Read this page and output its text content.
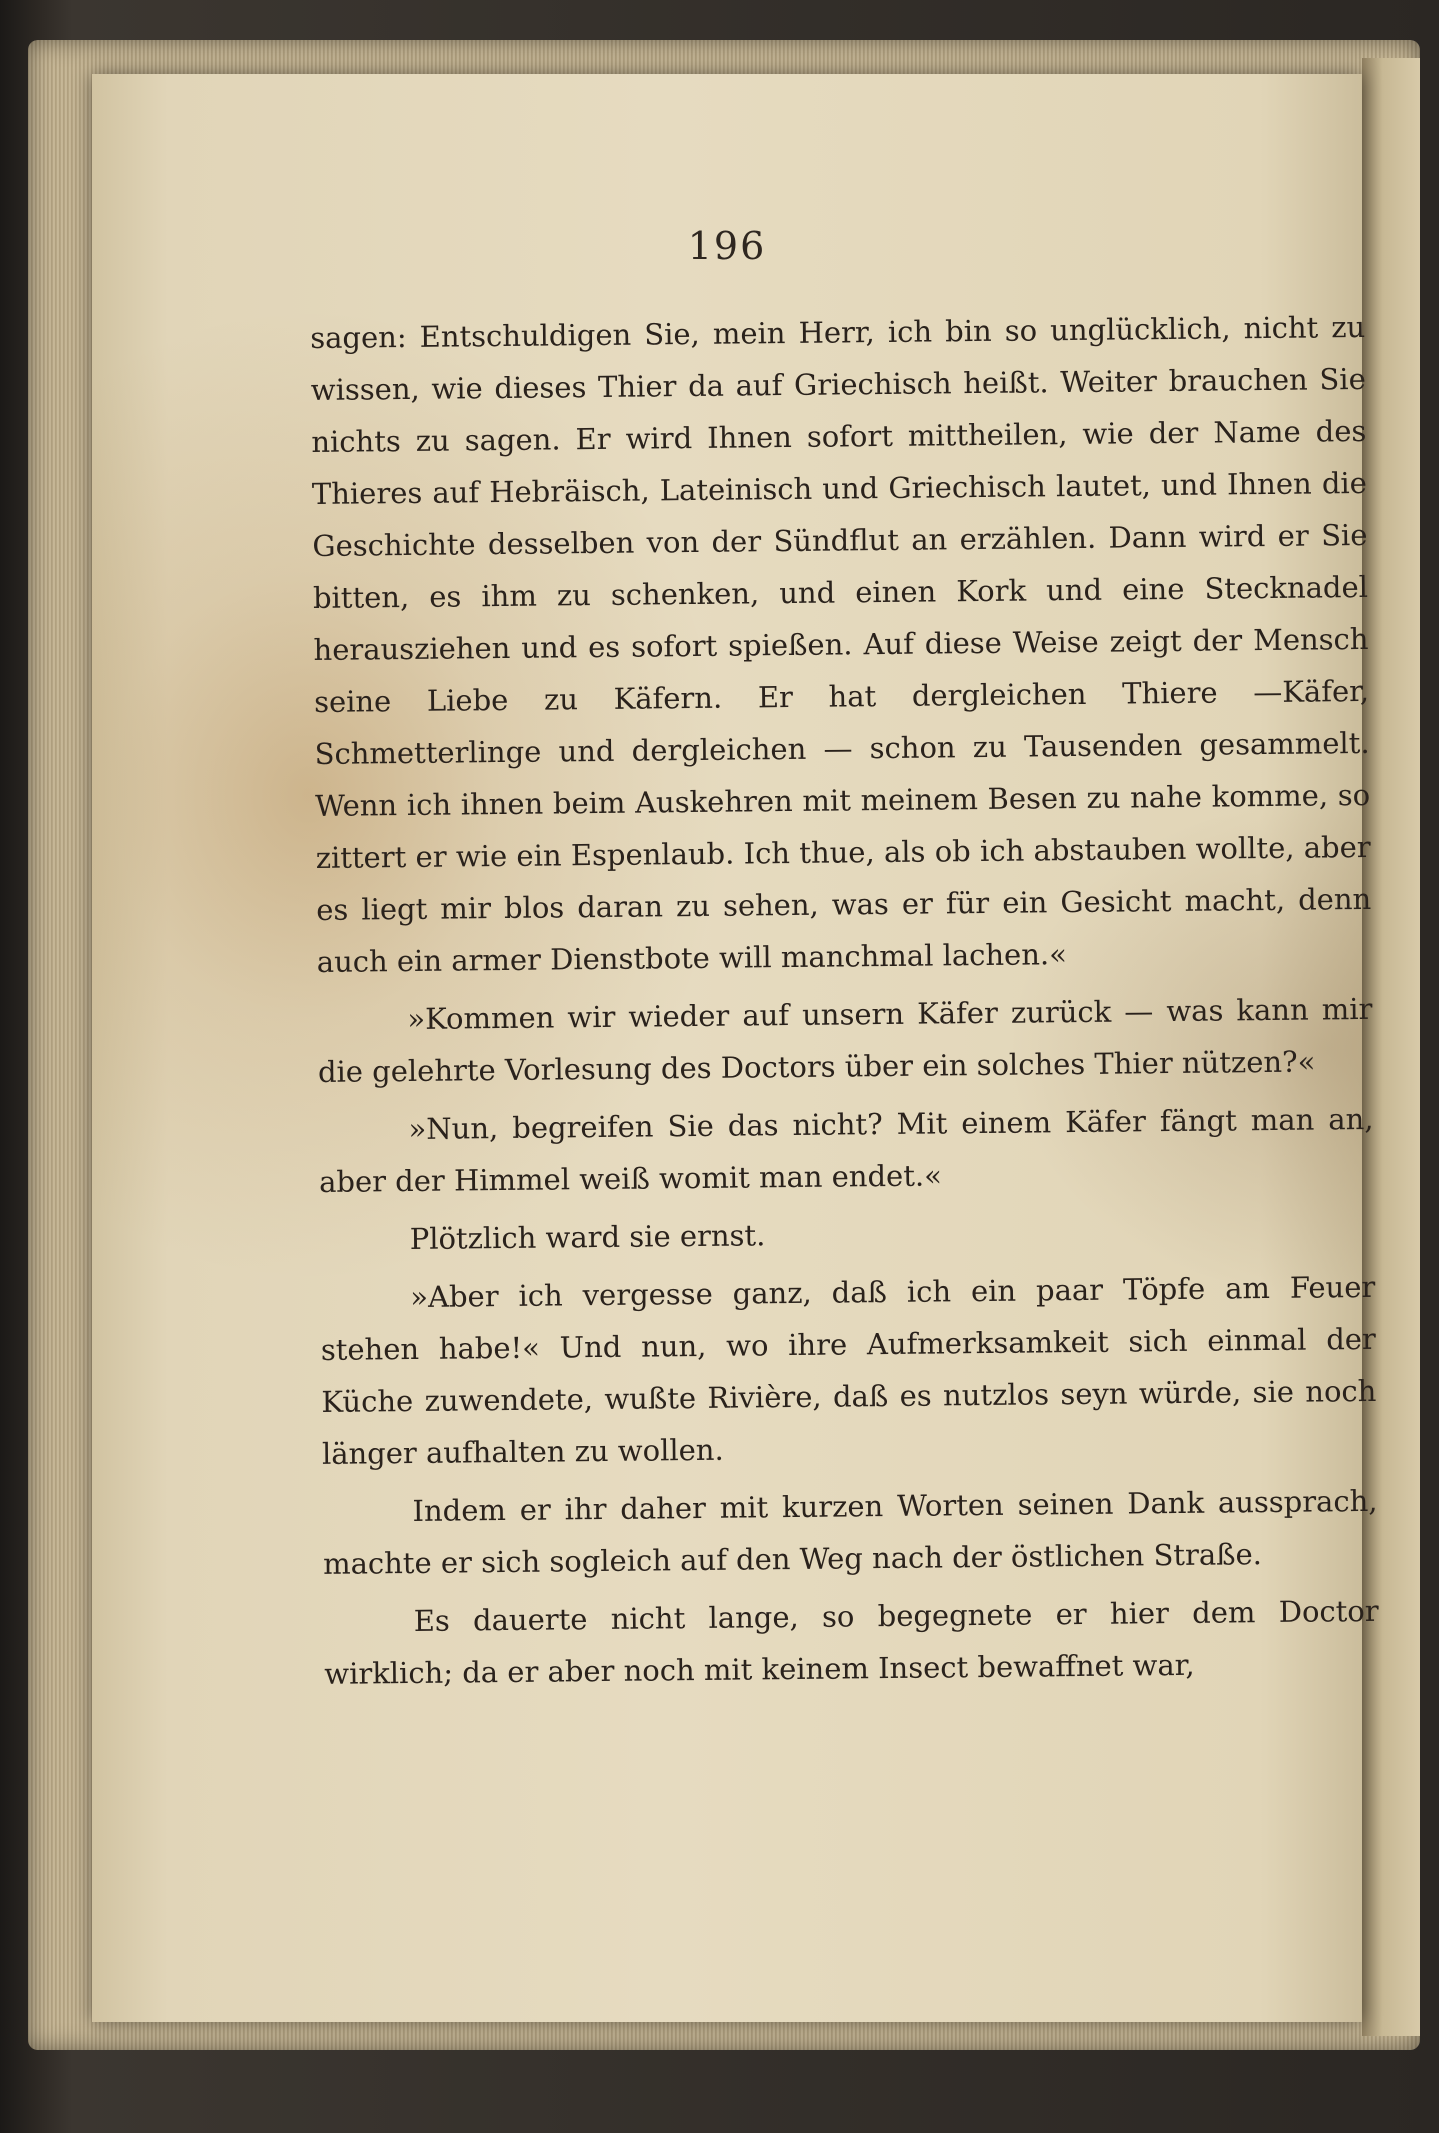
196

sagen: Entschuldigen Sie, mein Herr, ich bin so unglücklich, nicht zu wissen, wie dieses Thier da auf Griechisch heißt. Weiter brauchen Sie nichts zu sagen. Er wird Ihnen sofort mittheilen, wie der Name des Thieres auf Hebräisch, Lateinisch und Griechisch lautet, und Ihnen die Geschichte desselben von der Sündflut an erzählen. Dann wird er Sie bitten, es ihm zu schenken, und einen Kork und eine Stecknadel herausziehen und es sofort spießen. Auf diese Weise zeigt der Mensch seine Liebe zu Käfern. Er hat dergleichen Thiere —Käfer, Schmetterlinge und dergleichen — schon zu Tausenden gesammelt. Wenn ich ihnen beim Auskehren mit meinem Besen zu nahe komme, so zittert er wie ein Espenlaub. Ich thue, als ob ich abstauben wollte, aber es liegt mir blos daran zu sehen, was er für ein Gesicht macht, denn auch ein armer Dienstbote will manchmal lachen.«

»Kommen wir wieder auf unsern Käfer zurück — was kann mir die gelehrte Vorlesung des Doctors über ein solches Thier nützen?«

»Nun, begreifen Sie das nicht? Mit einem Käfer fängt man an, aber der Himmel weiß womit man endet.«

Plötzlich ward sie ernst.

»Aber ich vergesse ganz, daß ich ein paar Töpfe am Feuer stehen habe!« Und nun, wo ihre Aufmerksamkeit sich einmal der Küche zuwendete, wußte Rivière, daß es nutzlos seyn würde, sie noch länger aufhalten zu wollen.

Indem er ihr daher mit kurzen Worten seinen Dank aussprach, machte er sich sogleich auf den Weg nach der östlichen Straße.

Es dauerte nicht lange, so begegnete er hier dem Doctor wirklich; da er aber noch mit keinem Insect bewaffnet war,
